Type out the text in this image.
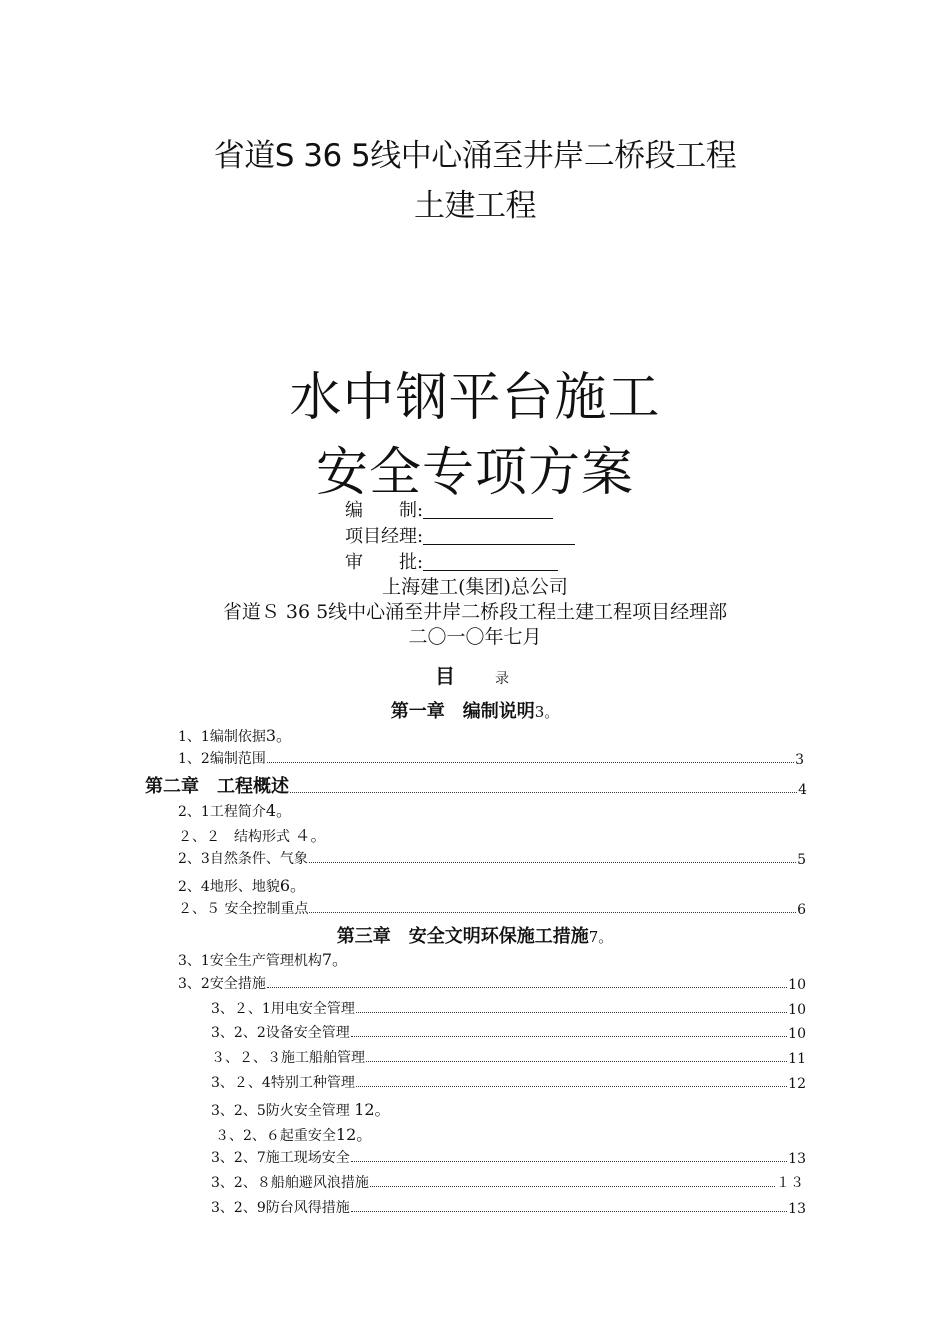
省道S 36 5线中心涌至井岸二桥段工程
土建工程
水中钢平台施工
安全专项方案
编　　制:
项目经理:
审　　批:
上海建工(集团)总公司
省道Ｓ 36 5线中心涌至井岸二桥段工程土建工程项目经理部
二〇一〇年七月
目  	录
第一章　编制说明3。
1、1编制依据3。
1、2编制范围	3
第二章　工程概述	4
2、1工程简介4。
２、２　结构形式 ４。
2、3自然条件、气象	5
2、4地形、地貌6。
２、５ 安全控制重点	6
第三章　安全文明环保施工措施7。
3、1安全生产管理机构7。
3、2安全措施	10
3、２、1用电安全管理	10
3、2、2设备安全管理	10
３、２、３施工船舶管理	11
3、２、4特别工种管理	12
3、2、5防火安全管理 12。
３、2、６起重安全12。
3、2、7施工现场安全	13
3、2、８船舶避风浪措施	１３
3、2、9防台风得措施	13
